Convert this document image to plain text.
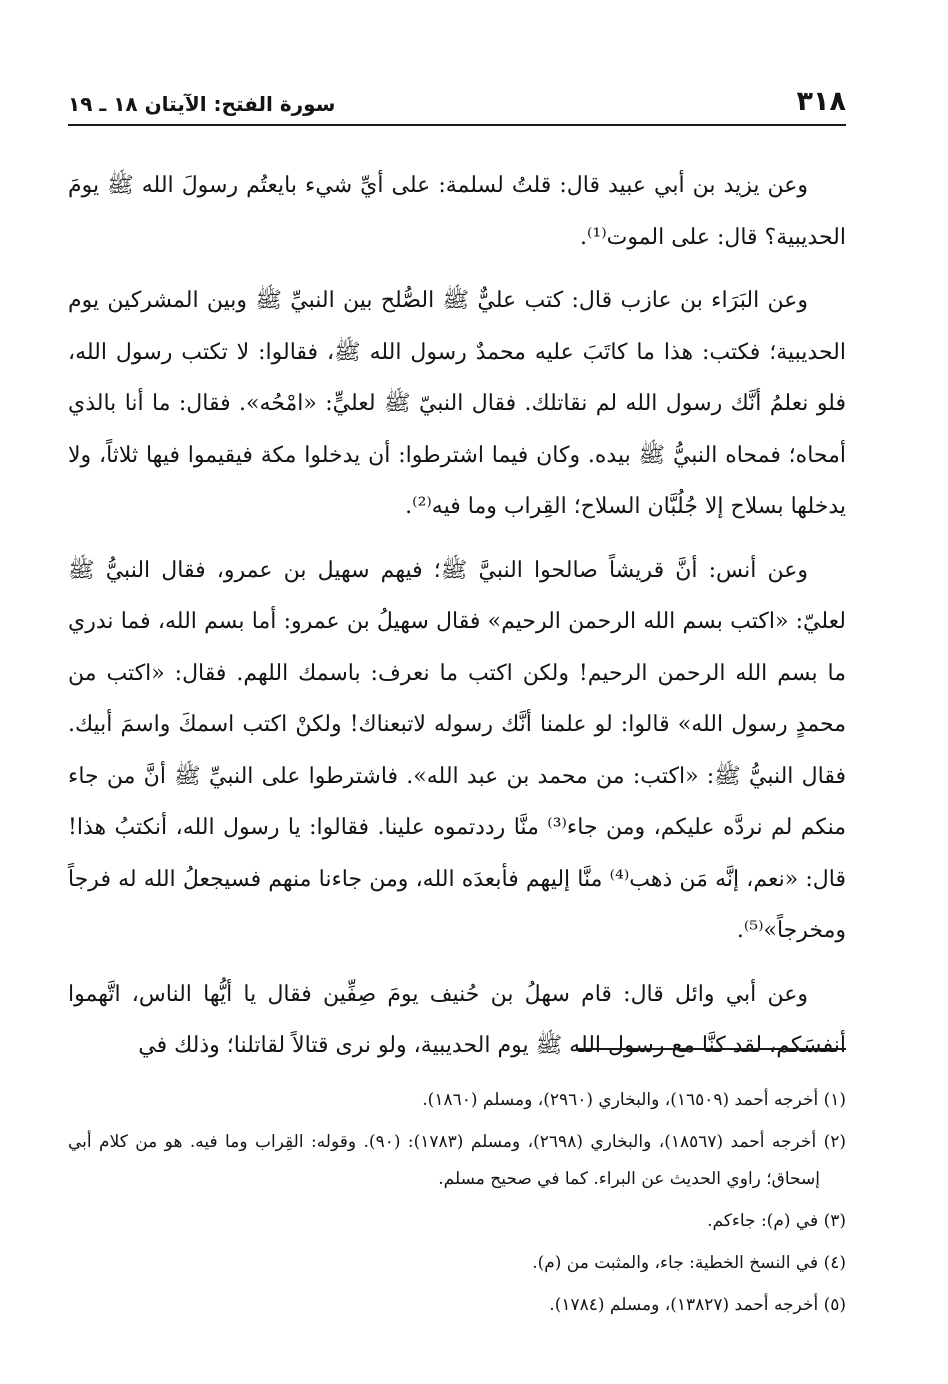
٣١٨
سورة الفتح: الآيتان ١٨ ـ ١٩

وعن يزيد بن أبي عبيد قال: قلتُ لسلمة: على أيِّ شيء بايعتُم رسولَ الله ﷺ يومَ الحديبية؟ قال: على الموت⁽¹⁾.

وعن البَرَاء بن عازب قال: كتب عليٌّ ﷺ الصُّلح بين النبيِّ ﷺ وبين المشركين يوم الحديبية؛ فكتب: هذا ما كاتَبَ عليه محمدٌ رسول الله ﷺ، فقالوا: لا تكتب رسول الله، فلو نعلمُ أنَّك رسول الله لم نقاتلك. فقال النبيّ ﷺ لعليٍّ: «امْحُه». فقال: ما أنا بالذي أمحاه؛ فمحاه النبيُّ ﷺ بيده. وكان فيما اشترطوا: أن يدخلوا مكة فيقيموا فيها ثلاثاً، ولا يدخلها بسلاح إلا جُلُبَّان السلاح؛ القِراب وما فيه⁽²⁾.

وعن أنس: أنَّ قريشاً صالحوا النبيَّ ﷺ؛ فيهم سهيل بن عمرو، فقال النبيُّ ﷺ لعليّ: «اكتب بسم الله الرحمن الرحيم» فقال سهيلُ بن عمرو: أما بسم الله، فما ندري ما بسم الله الرحمن الرحيم! ولكن اكتب ما نعرف: باسمك اللهم. فقال: «اكتب من محمدٍ رسول الله» قالوا: لو علمنا أنَّك رسوله لاتبعناك! ولكنْ اكتب اسمكَ واسمَ أبيك. فقال النبيُّ ﷺ: «اكتب: من محمد بن عبد الله». فاشترطوا على النبيِّ ﷺ أنَّ من جاء منكم لم نردَّه عليكم، ومن جاء⁽³⁾ منَّا رددتموه علينا. فقالوا: يا رسول الله، أنكتبُ هذا! قال: «نعم، إنَّه مَن ذهب⁽⁴⁾ منَّا إليهم فأبعدَه الله، ومن جاءنا منهم فسيجعلُ الله له فرجاً ومخرجاً»⁽⁵⁾.

وعن أبي وائل قال: قام سهلُ بن حُنيف يومَ صِفِّين فقال يا أيُّها الناس، اتَّهموا أنفسَكم، لقد كنَّا مع رسول الله ﷺ يوم الحديبية، ولو نرى قتالاً لقاتلنا؛ وذلك في

(١) أخرجه أحمد (١٦٥٠٩)، والبخاري (٢٩٦٠)، ومسلم (١٨٦٠).

(٢) أخرجه أحمد (١٨٥٦٧)، والبخاري (٢٦٩٨)، ومسلم (١٧٨٣): (٩٠). وقوله: القِراب وما فيه. هو من كلام أبي إسحاق؛ راوي الحديث عن البراء. كما في صحيح مسلم.

(٣) في (م): جاءكم.

(٤) في النسخ الخطية: جاء، والمثبت من (م).

(٥) أخرجه أحمد (١٣٨٢٧)، ومسلم (١٧٨٤).
